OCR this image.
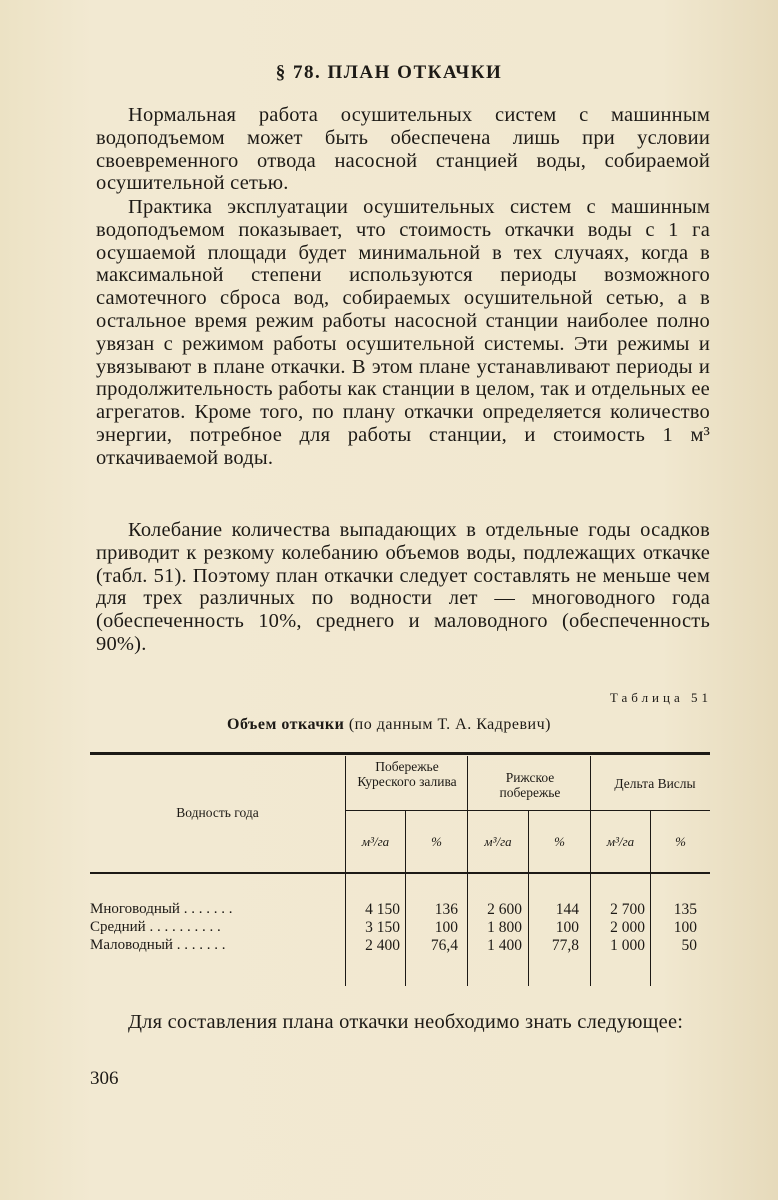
§ 78. ПЛАН ОТКАЧКИ
Нормальная работа осушительных систем с машинным водоподъемом может быть обеспечена лишь при условии своевременного отвода насосной станцией воды, собираемой осушительной сетью.
Практика эксплуатации осушительных систем с машинным водоподъемом показывает, что стоимость откачки воды с 1 га осушаемой площади будет минимальной в тех случаях, когда в максимальной степени используются периоды возможного самотечного сброса вод, собираемых осушительной сетью, а в остальное время режим работы насосной станции наиболее полно увязан с режимом работы осушительной системы. Эти режимы и увязывают в плане откачки. В этом плане устанавливают периоды и продолжительность работы как станции в целом, так и отдельных ее агрегатов. Кроме того, по плану откачки определяется количество энергии, потребное для работы станции, и стоимость 1 м³ откачиваемой воды.
Колебание количества выпадающих в отдельные годы осадков приводит к резкому колебанию объемов воды, подлежащих откачке (табл. 51). Поэтому план откачки следует составлять не меньше чем для трех различных по водности лет — многоводного года (обеспеченность 10%, среднего и маловодного (обеспеченность 90%).
Таблица 51
Объем откачки (по данным Т. А. Кадревич)
Водность года
Побережье Куреского залива	Рижское побережье
Дельта Вислы
м³/га	%	м³/га	%	м³/га	%
Многоводный . . . . . . .	4 150	136	2 600	144	2 700	135
Средний . . . . . . . . . .	3 150	100	1 800	100	2 000	100
Маловодный . . . . . . .	2 400	76,4	1 400	77,8	1 000	50
Для составления плана откачки необходимо знать следующее:
306
